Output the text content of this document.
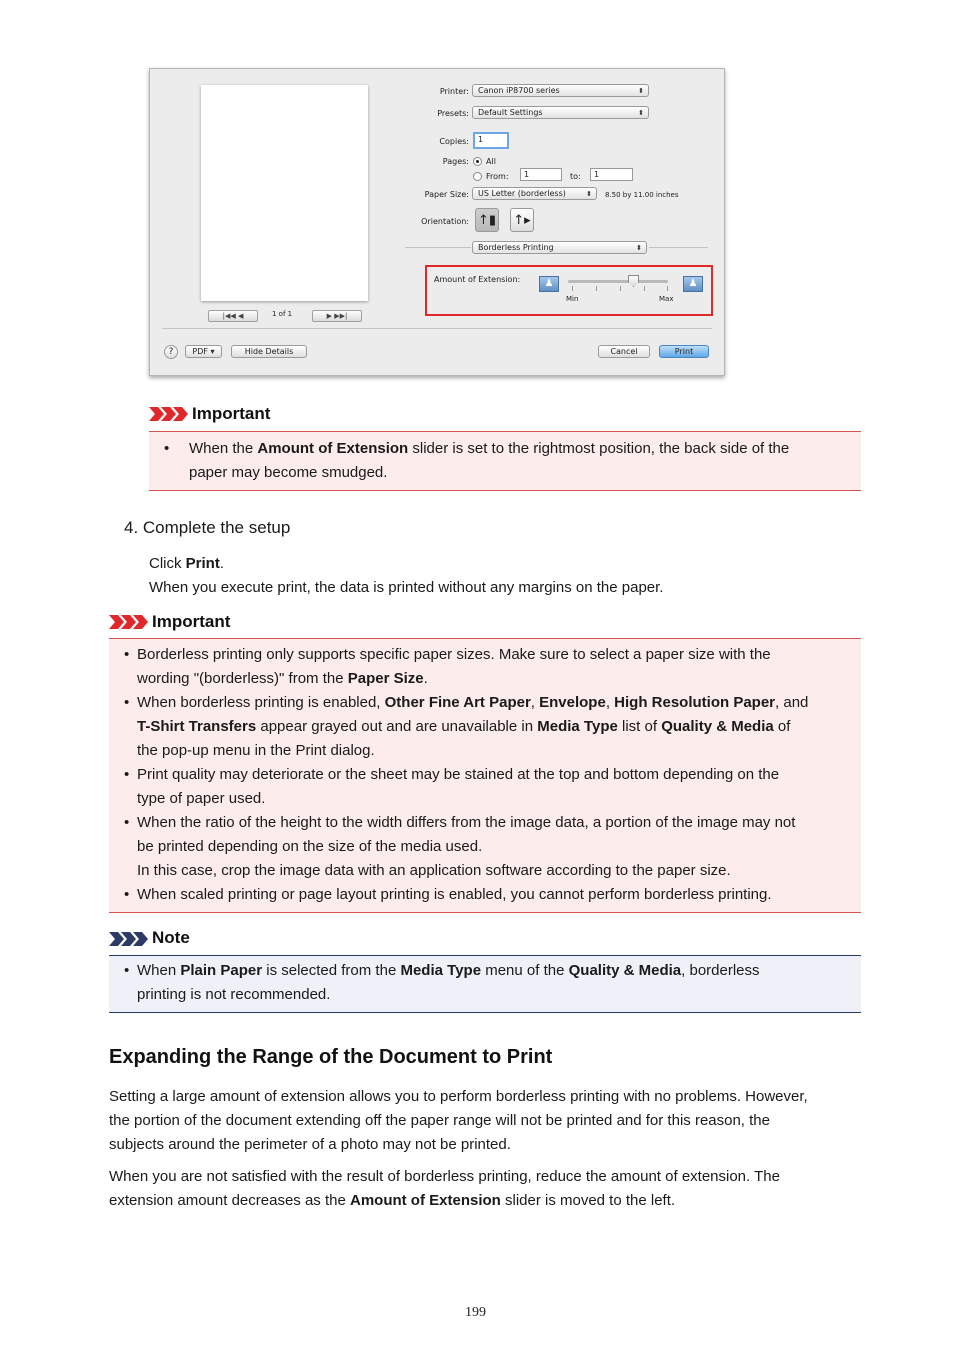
|◀◀ ◀	1 of 1	▶ ▶▶|
Printer:	Canon iP8700 series	⬍
Presets:	Default Settings	⬍
Copies:	1
Pages: All
From:	1	to:	1
Paper Size:	US Letter (borderless)	⬍ 8.50 by 11.00 inches
Orientation: ↑▮ ↑▸
Borderless Printing	⬍
Amount of Extension:	♟
Min	Max
♟
?	PDF ▾	Hide Details	Cancel	Print
Important
• When the Amount of Extension slider is set to the rightmost position, the back side of the
paper may become smudged.
4. Complete the setup
Click Print.
When you execute print, the data is printed without any margins on the paper.
Important
• Borderless printing only supports specific paper sizes. Make sure to select a paper size with the
wording "(borderless)" from the Paper Size.
• When borderless printing is enabled, Other Fine Art Paper, Envelope, High Resolution Paper, and
T-Shirt Transfers appear grayed out and are unavailable in Media Type list of Quality & Media of
the pop-up menu in the Print dialog.
• Print quality may deteriorate or the sheet may be stained at the top and bottom depending on the
type of paper used.
• When the ratio of the height to the width differs from the image data, a portion of the image may not
be printed depending on the size of the media used.
In this case, crop the image data with an application software according to the paper size.
• When scaled printing or page layout printing is enabled, you cannot perform borderless printing.
Note
• When Plain Paper is selected from the Media Type menu of the Quality & Media, borderless
printing is not recommended.
Expanding the Range of the Document to Print
Setting a large amount of extension allows you to perform borderless printing with no problems. However,
the portion of the document extending off the paper range will not be printed and for this reason, the
subjects around the perimeter of a photo may not be printed.
When you are not satisfied with the result of borderless printing, reduce the amount of extension. The
extension amount decreases as the Amount of Extension slider is moved to the left.
199
